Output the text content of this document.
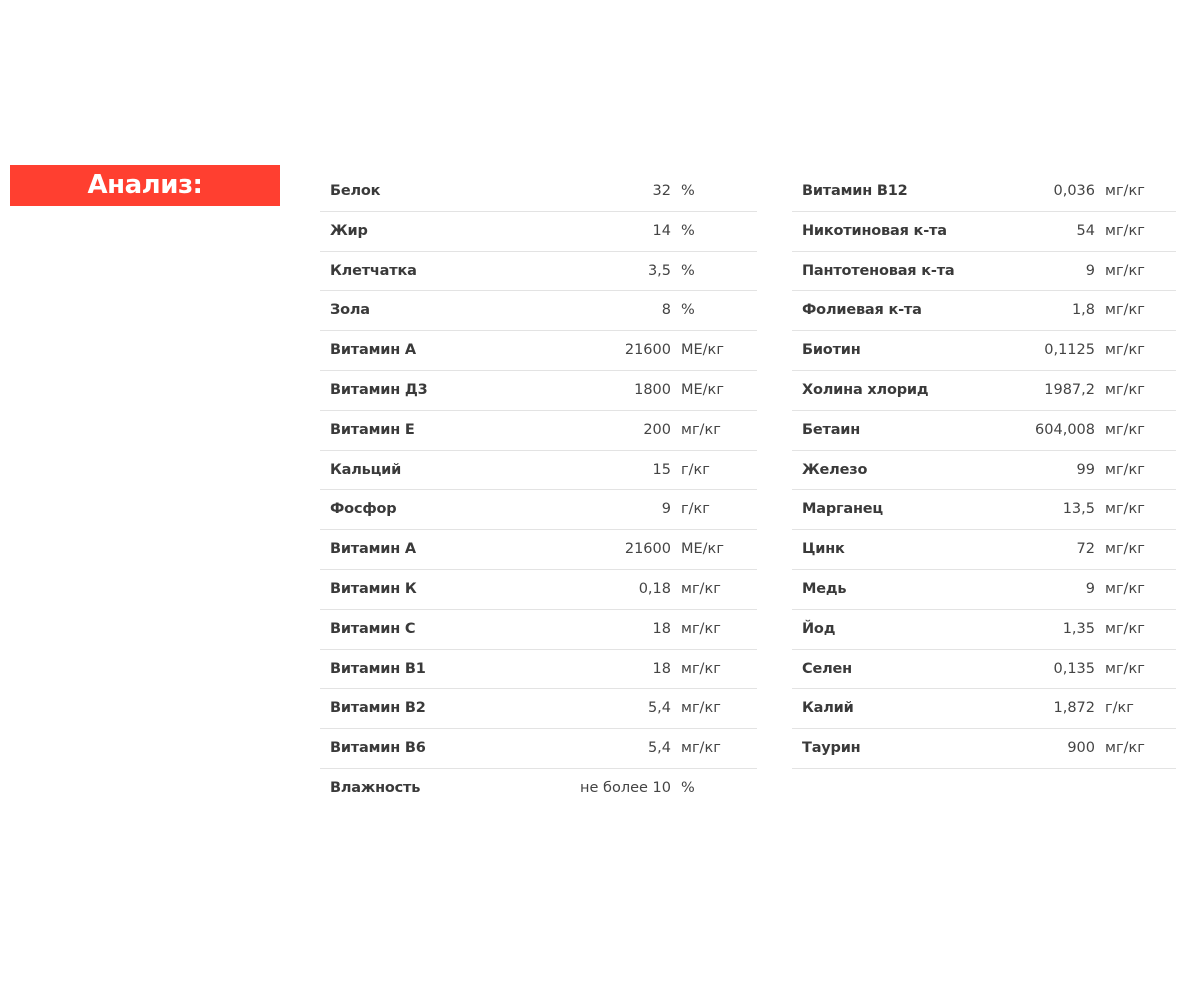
Анализ:	Белок	32 %
Жир	14 %
Клетчатка	3,5 %
Зола	8 %
Витамин А	21600 МЕ/кг
Витамин Д3	1800 МЕ/кг
Витамин Е	200 мг/кг
Кальций	15 г/кг
Фосфор	9 г/кг
Витамин А	21600 МЕ/кг
Витамин К	0,18 мг/кг
Витамин С	18 мг/кг
Витамин В1	18 мг/кг
Витамин В2	5,4 мг/кг
Витамин В6	5,4 мг/кг
Влажность	не более 10 %
Витамин В12	0,036 мг/кг
Никотиновая к-та	54 мг/кг
Пантотеновая к-та	9 мг/кг
Фолиевая к-та	1,8 мг/кг
Биотин	0,1125 мг/кг
Холина хлорид	1987,2 мг/кг
Бетаин	604,008 мг/кг
Железо	99 мг/кг
Марганец	13,5 мг/кг
Цинк	72 мг/кг
Медь	9 мг/кг
Йод	1,35 мг/кг
Селен	0,135 мг/кг
Калий	1,872 г/кг
Таурин	900 мг/кг
